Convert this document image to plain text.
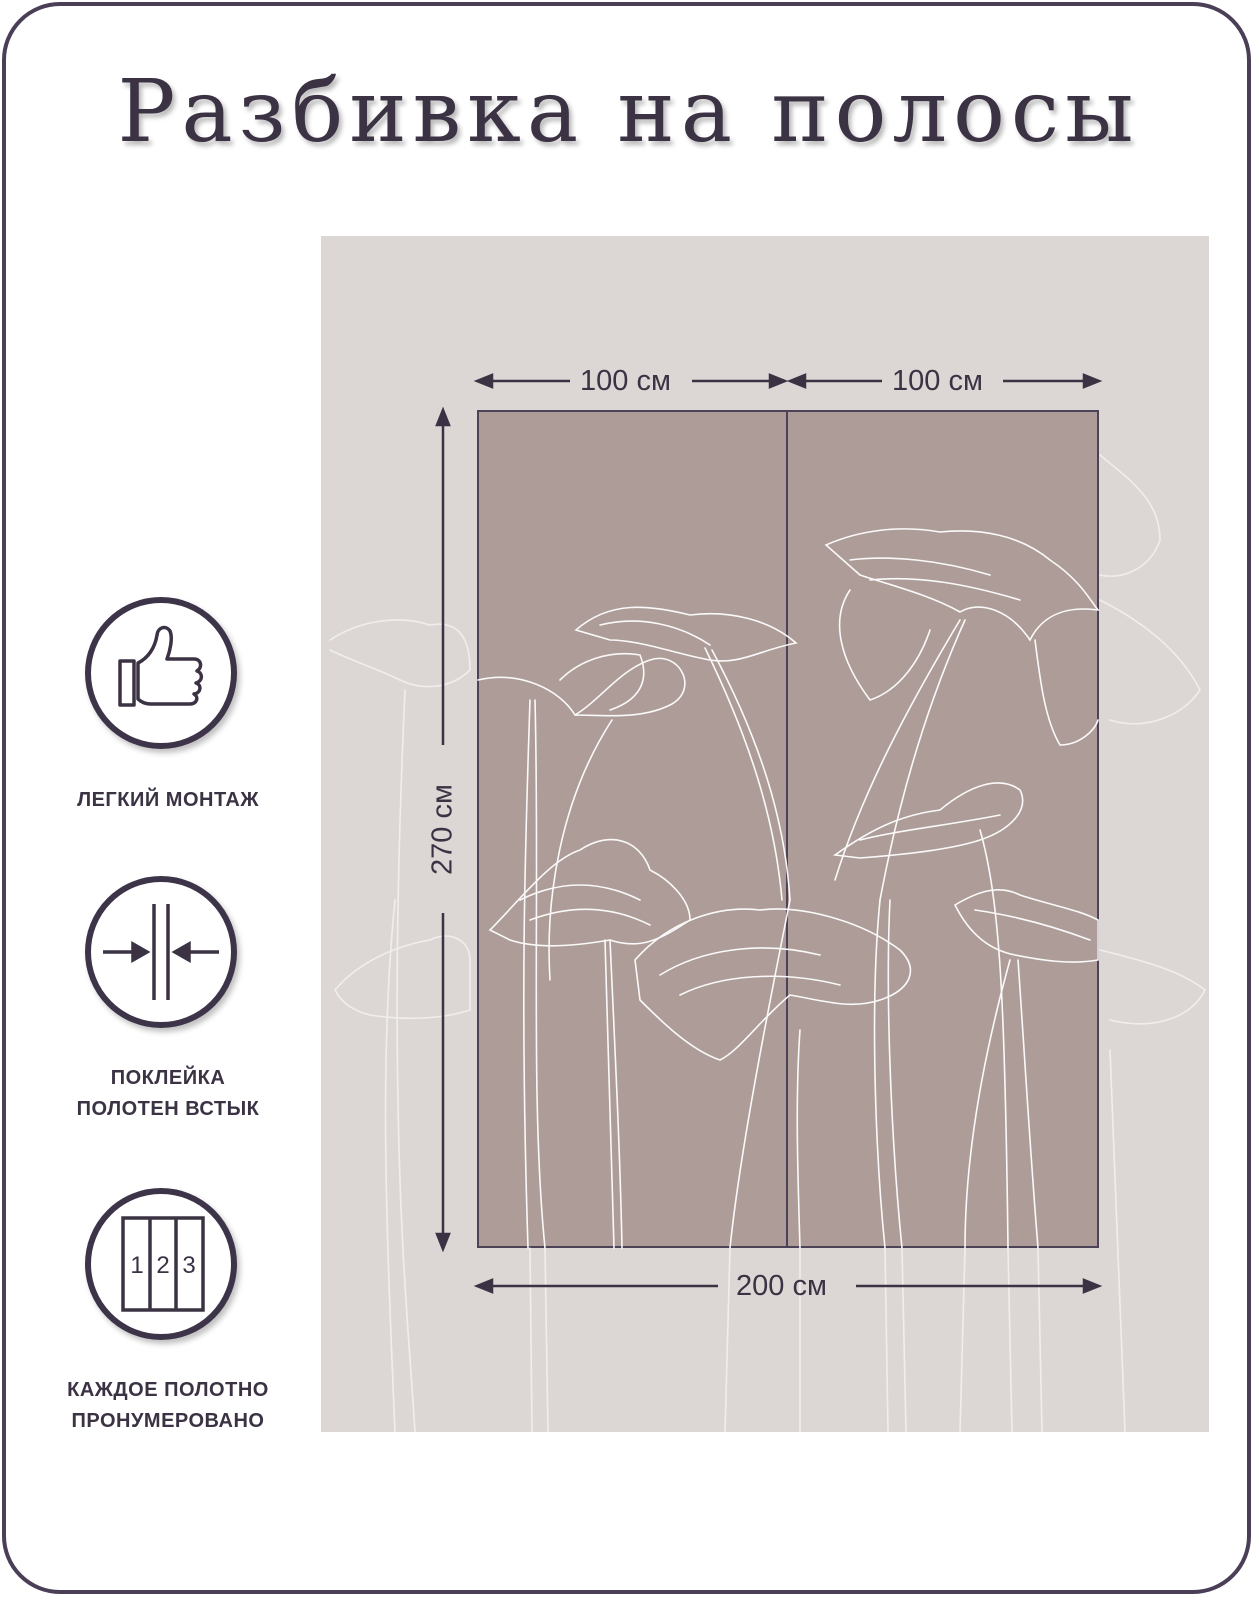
Разбивка на полосы
100 см	100 см
270 см
200 см
ЛЕГКИЙ МОНТАЖ
ПОКЛЕЙКА
ПОЛОТЕН ВСТЫК
1 2 3
КАЖДОЕ ПОЛОТНО
ПРОНУМЕРОВАНО
